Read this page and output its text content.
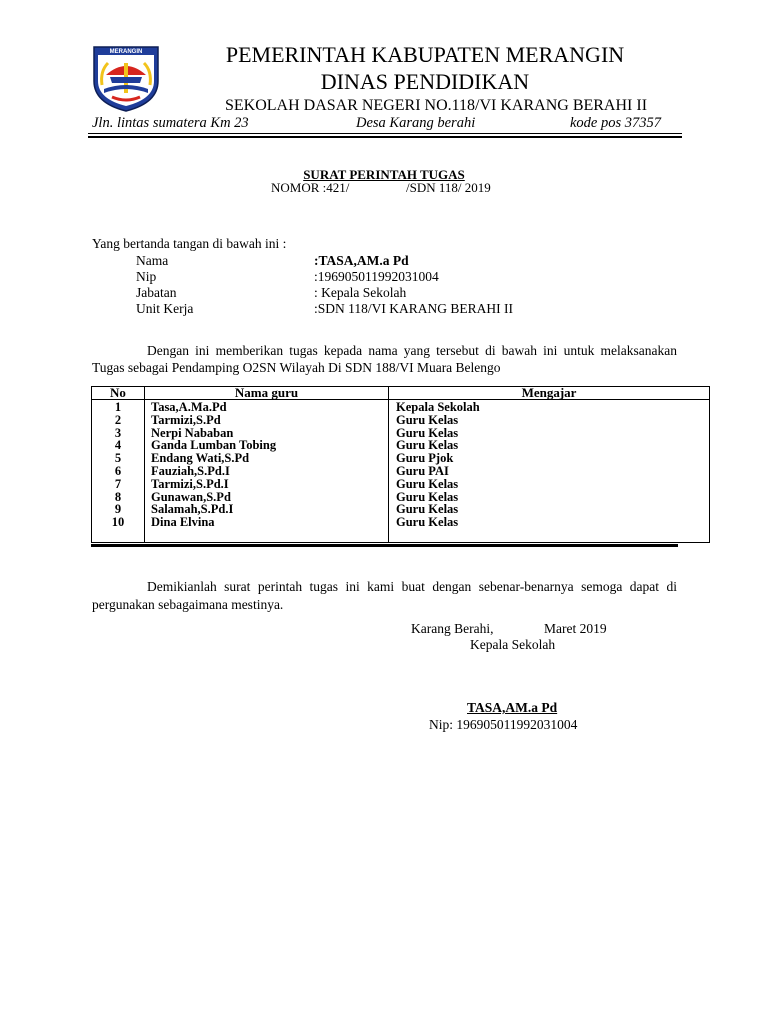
MERANGIN	PEMERINTAH KABUPATEN MERANGIN
DINAS PENDIDIKAN
SEKOLAH DASAR NEGERI NO.118/VI KARANG BERAHI II
Jln. lintas sumatera Km 23	Desa Karang berahi	kode pos 37357
SURAT PERINTAH TUGAS
NOMOR :421/	/SDN 118/ 2019
Yang bertanda tangan di bawah ini :
Nama	:TASA,AM.a Pd
Nip	:196905011992031004
Jabatan	: Kepala Sekolah
Unit Kerja	:SDN 118/VI KARANG BERAHI II
Dengan ini memberikan tugas kepada nama yang tersebut di bawah ini untuk melaksanakan Tugas sebagai Pendamping O2SN Wilayah Di SDN 188/VI Muara Belengo
No	Nama guru	Mengajar
1	Tasa,A.Ma.Pd	Kepala Sekolah
2	Tarmizi,S.Pd	Guru Kelas
3	Nerpi Nababan	Guru Kelas
4	Ganda Lumban Tobing	Guru Kelas
5	Endang Wati,S.Pd	Guru Pjok
6	Fauziah,S.Pd.I	Guru PAI
7	Tarmizi,S.Pd.I	Guru Kelas
8	Gunawan,S.Pd	Guru Kelas
9	Salamah,S.Pd.I	Guru Kelas
10	Dina Elvina	Guru Kelas
Demikianlah surat perintah tugas ini kami buat dengan sebenar-benarnya semoga dapat di pergunakan sebagaimana mestinya.
Karang Berahi,	Maret 2019
Kepala Sekolah
TASA,AM.a Pd
Nip: 196905011992031004
